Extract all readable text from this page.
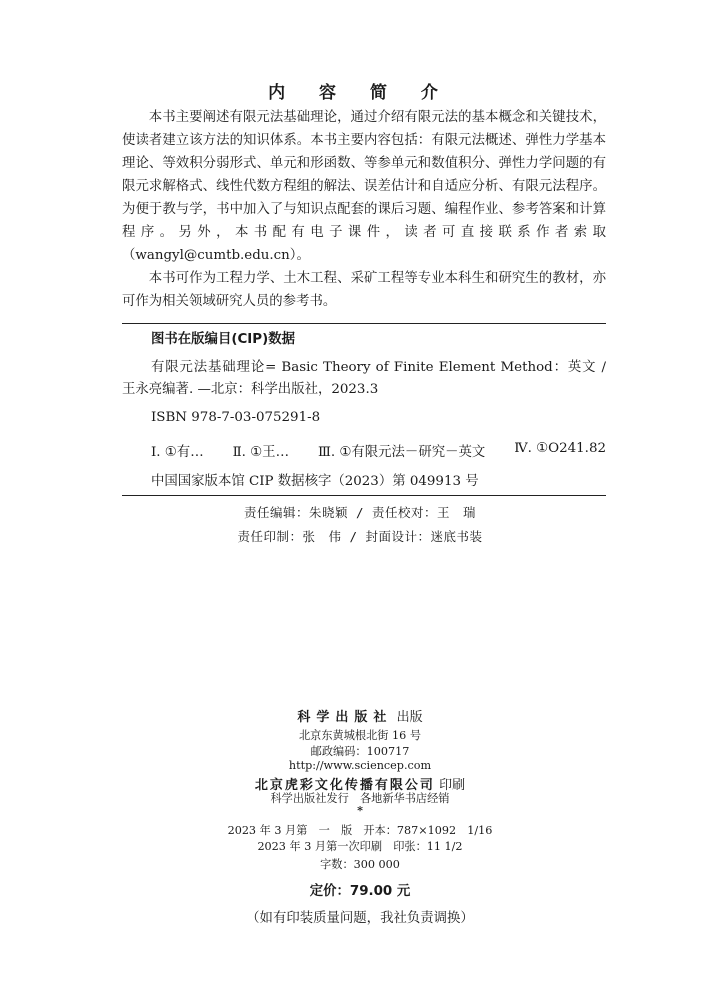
内 容 简 介

本书主要阐述有限元法基础理论，通过介绍有限元法的基本概念和关键技术，使读者建立该方法的知识体系。本书主要内容包括：有限元法概述、弹性力学基本理论、等效积分弱形式、单元和形函数、等参单元和数值积分、弹性力学问题的有限元求解格式、线性代数方程组的解法、误差估计和自适应分析、有限元法程序。为便于教与学，书中加入了与知识点配套的课后习题、编程作业、参考答案和计算程序。另外，本书配有电子课件，读者可直接联系作者索取（wangyl@cumtb.edu.cn）。

本书可作为工程力学、土木工程、采矿工程等专业本科生和研究生的教材，亦可作为相关领域研究人员的参考书。

图书在版编目(CIP)数据
有限元法基础理论= Basic Theory of Finite Element Method：英文 / 王永亮编著. —北京：科学出版社，2023.3
ISBN 978-7-03-075291-8
Ⅰ. ①有… Ⅱ. ①王… Ⅲ. ①有限元法－研究－英文 Ⅳ. ①O241.82
中国国家版本馆 CIP 数据核字（2023）第 049913 号
责任编辑：朱晓颖 / 责任校对：王　瑞
责任印制：张　伟 / 封面设计：迷底书装
科学出版社 出版
北京东黄城根北街 16 号
邮政编码：100717
http://www.sciencep.com
北京虎彩文化传播有限公司 印刷
科学出版社发行　各地新华书店经销
*
2023 年 3 月第　一　版　开本：787×1092　1/16
2023 年 3 月第一次印刷　印张：11 1/2
字数：300 000
定价：79.00 元
（如有印装质量问题，我社负责调换）
